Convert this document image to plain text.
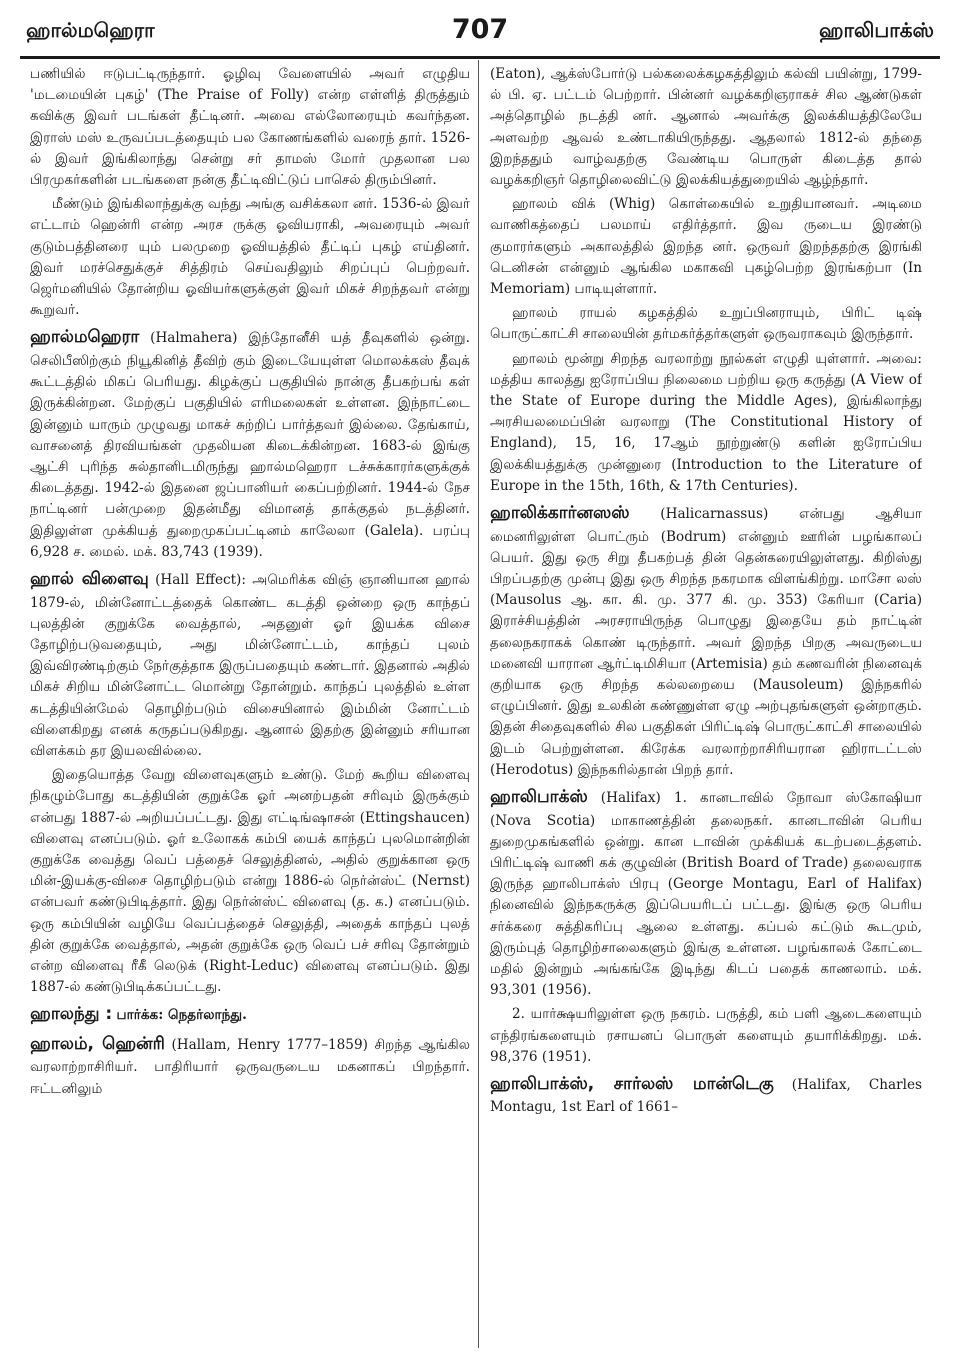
ஹால்மஹெரா	707	ஹாலிபாக்ஸ்

பணியில் ஈடுபட்டிருந்தார். ஓழிவு வேளையில் அவர் எழுதிய 'மடமையின் புகழ்' (The Praise of Folly) என்ற எள்ளித் திருத்தும் கவிக்கு இவர் படங்கள் தீட்டினர். அவை எல்லோரையும் கவர்ந்தன. இராஸ் மஸ் உருவப்படத்தையும் பல கோணங்களில் வரைந் தார். 1526-ல் இவர் இங்கிலாந்து சென்று சர் தாமஸ் மோர் முதலான பல பிரமுகர்களின் படங்களை நன்கு தீட்டிவிட்டுப் பாசெல் திரும்பினர்.

மீண்டும் இங்கிலாந்துக்கு வந்து அங்கு வசிக்கலா னர். 1536-ல் இவர் எட்டாம் ஹென்ரி என்ற அரச ருக்கு ஓவியராகி, அவரையும் அவர் குடும்பத்தினரை யும் பலமுறை ஓவியத்தில் தீட்டிப் புகழ் எய்தினர். இவர் மரச்செதுக்குச் சித்திரம் செய்வதிலும் சிறப்புப் பெற்றவர். ஜெர்மனியில் தோன்றிய ஓவியர்களுக்குள் இவர் மிகச் சிறந்தவர் என்று கூறுவர்.

ஹால்மஹெரா (Halmahera) இந்தோனீசி யத் தீவுகளில் ஒன்று. செலிபீஸிற்கும் நியூகினித் தீவிற் கும் இடையேயுள்ள மொலக்கஸ் தீவுக் கூட்டத்தில் மிகப் பெரியது. கிழக்குப் பகுதியில் நான்கு தீபகற்பங் கள் இருக்கின்றன. மேற்குப் பகுதியில் எரிமலைகள் உள்ளன. இந்நாட்டை இன்னும் யாரும் முழுவது மாகச் சுற்றிப் பார்த்தவர் இல்லை. தேங்காய், வாசனைத் திரவியங்கள் முதலியன கிடைக்கின்றன. 1683-ல் இங்கு ஆட்சி புரிந்த சுல்தானிடமிருந்து ஹால்மஹெரா டச்சுக்காரர்களுக்குக் கிடைத்தது. 1942-ல் இதனை ஜப்பானியர் கைப்பற்றினர். 1944-ல் நேச நாட்டினர் பன்முறை இதன்மீது விமானத் தாக்குதல் நடத்தினர். இதிலுள்ள முக்கியத் துறைமுகப்பட்டினம் காலேலா (Galela). பரப்பு 6,928 ச. மைல். மக். 83,743 (1939).

ஹால் விளைவு (Hall Effect): அமெரிக்க விஞ் ஞானியான ஹால் 1879-ல், மின்னோட்டத்தைக் கொண்ட கடத்தி ஒன்றை ஒரு காந்தப் புலத்தின் குறுக்கே வைத்தால், அதனுள் ஓர் இயக்க விசை தோழிற்படுவதையும், அது மின்னோட்டம், காந்தப் புலம் இவ்விரண்டிற்கும் நேர்குத்தாக இருப்பதையும் கண்டார். இதனால் அதில் மிகச் சிறிய மின்னோட்ட மொன்று தோன்றும். காந்தப் புலத்தில் உள்ள கடத்தியின்மேல் தொழிற்படும் விசையினால் இம்மின் னோட்டம் விளைகிறது எனக் கருதப்படுகிறது. ஆனால் இதற்கு இன்னும் சரியான விளக்கம் தர இயலவில்லை.

இதையொத்த வேறு விளைவுகளும் உண்டு. மேற் கூறிய விளைவு நிகழும்போது கடத்தியின் குறுக்கே ஓர் அனற்பதன் சரிவும் இருக்கும் என்பது 1887-ல் அறியப்பட்டது. இது எட்டிங்ஷாசன் (Ettingshaucen) விளைவு எனப்படும். ஓர் உலோகக் கம்பி யைக் காந்தப் புலமொன்றின் குறுக்கே வைத்து வெப் பத்தைச் செலுத்தினல், அதில் குறுக்கான ஒரு மின்-இயக்கு-விசை தொழிற்படும் என்று 1886-ல் நெர்ன்ஸ்ட் (Nernst) என்பவர் கண்டுபிடித்தார். இது நெர்ன்ஸ்ட் விளைவு (த. க.) எனப்படும். ஒரு கம்பியின் வழியே வெப்பத்தைச் செலுத்தி, அதைக் காந்தப் புலத் தின் குறுக்கே வைத்தால், அதன் குறுக்கே ஒரு வெப் பச் சரிவு தோன்றும் என்ற விளைவு ரீகீ லெடுக் (Right-Leduc) விளைவு எனப்படும். இது 1887-ல் கண்டுபிடிக்கப்பட்டது.

ஹாலந்து : பார்க்க: நெதர்லாந்து.

ஹாலம், ஹென்ரி (Hallam, Henry 1777–1859) சிறந்த ஆங்கில வரலாற்றாசிரியர். பாதிரியார் ஒருவருடைய மகனாகப் பிறந்தார். ஈட்டனிலும்

(Eaton), ஆக்ஸ்போர்டு பல்கலைக்கழகத்திலும் கல்வி பயின்று, 1799-ல் பி. ஏ. பட்டம் பெற்றார். பின்னர் வழக்கறிஞராகச் சில ஆண்டுகள் அத்தொழில் நடத்தி னர். ஆனால் அவர்க்கு இலக்கியத்திலேயே அளவற்ற ஆவல் உண்டாகியிருந்தது. ஆதலால் 1812-ல் தந்தை இறந்ததும் வாழ்வதற்கு வேண்டிய பொருள் கிடைத்த தால் வழக்கறிஞர் தொழிலைவிட்டு இலக்கியத்துறையில் ஆழ்ந்தார்.

ஹாலம் விக் (Whig) கொள்கையில் உறுதியானவர். அடிமை வாணிகத்தைப் பலமாய் எதிர்த்தார். இவ ருடைய இரண்டு குமாரர்களும் அகாலத்தில் இறந்த னர். ஒருவர் இறந்ததற்கு இரங்கி டெனிசன் என்னும் ஆங்கில மகாகவி புகழ்பெற்ற இரங்கற்பா (In Memoriam) பாடியுள்ளார்.

ஹாலம் ராயல் கழகத்தில் உறுப்பினராயும், பிரிட் டிஷ் பொருட்காட்சி சாலையின் தர்மகர்த்தர்களுள் ஒருவராகவும் இருந்தார்.

ஹாலம் மூன்று சிறந்த வரலாற்று நூல்கள் எழுதி யுள்ளார். அவை: மத்திய காலத்து ஐரோப்பிய நிலைமை பற்றிய ஒரு கருத்து (A View of the State of Europe during the Middle Ages), இங்கிலாந்து அரசியலமைப்பின் வரலாறு (The Constitutional History of England), 15, 16, 17ஆம் நூற்றுண்டு களின் ஐரோப்பிய இலக்கியத்துக்கு முன்னுரை (Introduction to the Literature of Europe in the 15th, 16th, & 17th Centuries).

ஹாலிக்கார்னஸஸ் (Halicarnassus) என்பது ஆசியா மைனரிலுள்ள பொட்ரும் (Bodrum) என்னும் ஊரின் பழங்காலப் பெயர். இது ஒரு சிறு தீபகற்பத் தின் தென்கரையிலுள்ளது. கிறிஸ்து பிறப்பதற்கு முன்பு இது ஒரு சிறந்த நகரமாக விளங்கிற்று. மாசோ லஸ் (Mausolus ஆ. கா. கி. மு. 377 கி. மு. 353) கேரியா (Caria) இராச்சியத்தின் அரசராயிருந்த பொழுது இதையே தம் நாட்டின் தலைநகராகக் கொண் டிருந்தார். அவர் இறந்த பிறகு அவருடைய மனைவி யாரான ஆர்ட்டிமிசியா (Artemisia) தம் கணவரின் நினைவுக் குறியாக ஒரு சிறந்த கல்லறையை (Mausoleum) இந்நகரில் எழுப்பினர். இது உலகின் கண்ணுள்ள ஏழு அற்புதங்களுள் ஒன்றாகும். இதன் சிதைவுகளில் சில பகுதிகள் பிரிட்டிஷ் பொருட்காட்சி சாலையில் இடம் பெற்றுள்ளன. கிரேக்க வரலாற்றாசிரியரான ஹிராடட்டஸ் (Herodotus) இந்நகரில்தான் பிறந் தார்.

ஹாலிபாக்ஸ் (Halifax) 1. கானடாவில் நோவா ஸ்கோஷியா (Nova Scotia) மாகாணத்தின் தலைநகர். கானடாவின் பெரிய துறைமுகங்களில் ஒன்று. கான டாவின் முக்கியக் கடற்படைத்தளம். பிரிட்டிஷ் வாணி கக் குழுவின் (British Board of Trade) தலைவராக இருந்த ஹாலிபாக்ஸ் பிரபு (George Montagu, Earl of Halifax) நினைவில் இந்நகருக்கு இப்பெயரிடப் பட்டது. இங்கு ஒரு பெரிய சர்க்கரை சுத்திகரிப்பு ஆலை உள்ளது. கப்பல் கட்டும் கூடமும், இரும்புத் தொழிற்சாலைகளும் இங்கு உள்ளன. பழங்காலக் கோட்டை மதில் இன்றும் அங்கங்கே இடிந்து கிடப் பதைக் காணலாம். மக். 93,301 (1956).

2. யார்க்ஷயரிலுள்ள ஒரு நகரம். பருத்தி, கம் பளி ஆடைகளையும் எந்திரங்களையும் ரசாயனப் பொருள் களையும் தயாரிக்கிறது. மக். 98,376 (1951).

ஹாலிபாக்ஸ், சார்லஸ் மான்டெகு (Halifax, Charles Montagu, 1st Earl of 1661–
